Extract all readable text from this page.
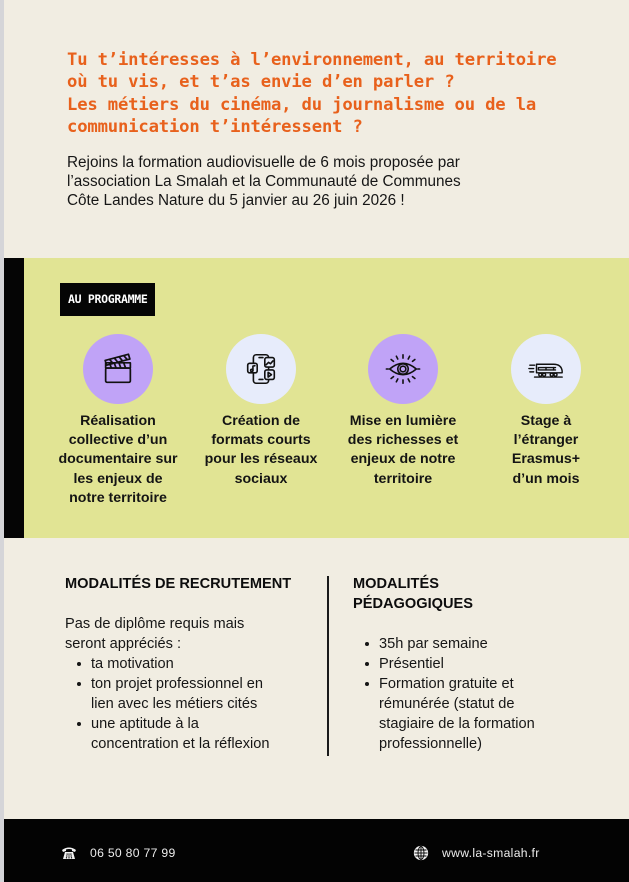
Tu t’intéresses à l’environnement, au territoire
où tu vis, et t’as envie d’en parler ?
Les métiers du cinéma, du journalisme ou de la
communication t’intéressent ?

Rejoins la formation audiovisuelle de 6 mois proposée par
l’association La Smalah et la Communauté de Communes
Côte Landes Nature du 5 janvier au 26 juin 2026 !

AU PROGRAMME
Réalisation
collective d’un
documentaire sur
les enjeux de
notre territoire
Création de
formats courts
pour les réseaux
sociaux
Mise en lumière
des richesses et
enjeux de notre
territoire
Stage à
l’étranger
Erasmus+
d’un mois
MODALITÉS DE RECRUTEMENT

Pas de diplôme requis mais
seront appréciés :

ta motivation
ton projet professionnel en
lien avec les métiers cités
une aptitude à la
concentration et la réflexion
MODALITÉS
PÉDAGOGIQUES
35h par semaine
Présentiel
Formation gratuite et
rémunérée (statut de
stagiaire de la formation
professionnelle)
06 50 80 77 99	www.la-smalah.fr
